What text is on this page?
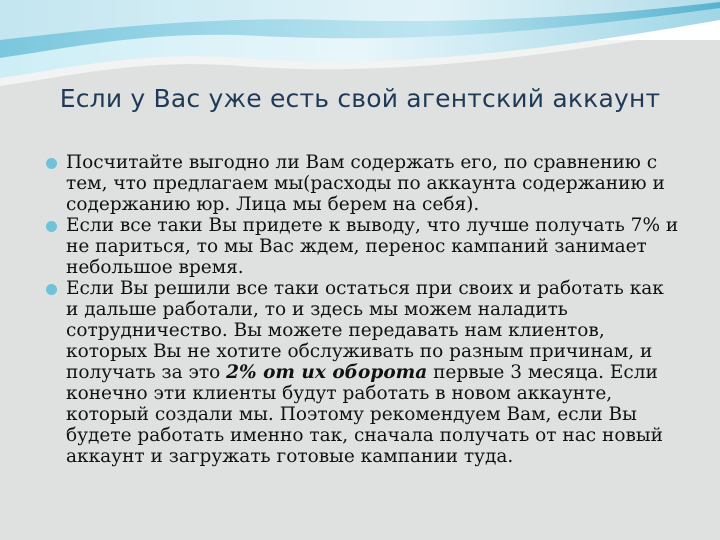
Если у Вас уже есть свой агентский аккаунт
Посчитайте выгодно ли Вам содержать его, по сравнению с тем, что предлагаем мы(расходы по аккаунта содержанию и содержанию юр. Лица мы берем на себя).
Если все таки Вы придете к выводу, что лучше получать 7% и не париться, то мы Вас ждем, перенос кампаний занимает небольшое время.
Если Вы решили все таки остаться при своих и работать как и дальше работали, то и здесь мы можем наладить сотрудничество. Вы можете передавать нам клиентов, которых Вы не хотите обслуживать по разным причинам, и получать за это 2% от их оборота первые 3 месяца. Если конечно эти клиенты будут работать в новом аккаунте, который создали мы. Поэтому рекомендуем Вам, если Вы будете работать именно так, сначала получать от нас новый аккаунт и загружать готовые кампании туда.
